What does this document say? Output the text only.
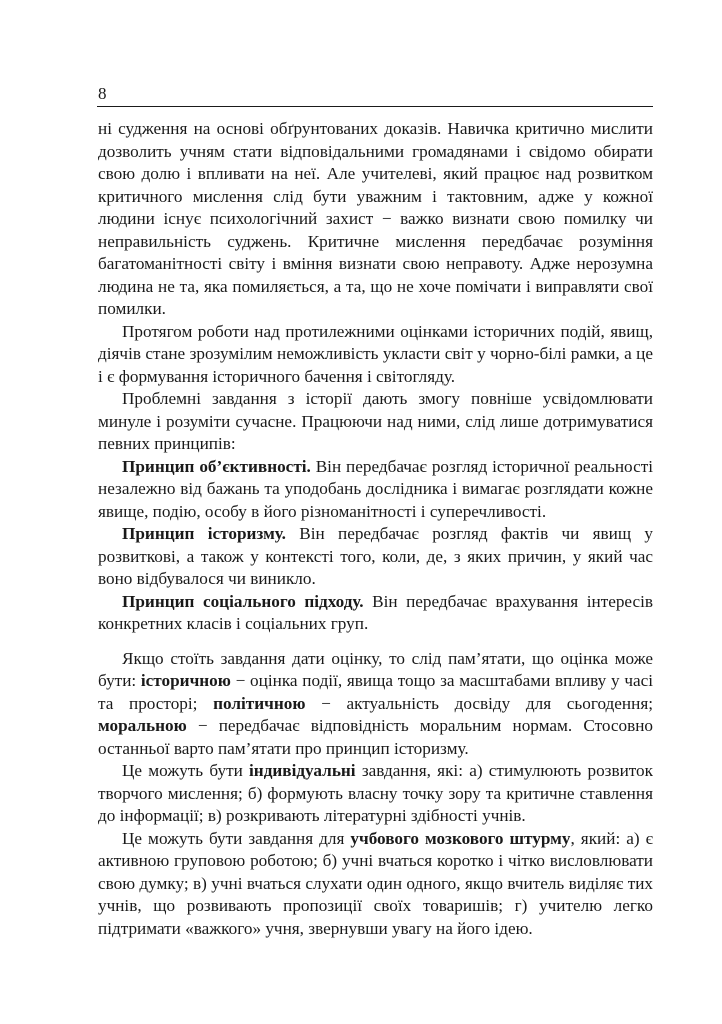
8

ні судження на основі обґрунтованих доказів. Навичка критично мислити дозволить учням стати відповідальними громадянами і свідомо обирати свою долю і впливати на неї. Але учителеві, який працює над розвитком критичного мислення слід бути уважним і тактовним, адже у кожної людини існує психологічний захист − важко визнати свою помилку чи неправильність суджень. Критичне мислення передбачає розуміння багатоманітності світу і вміння визнати свою неправоту. Адже нерозумна людина не та, яка помиляється, а та, що не хоче помічати і виправляти свої помилки.

Протягом роботи над протилежними оцінками історичних подій, явищ, діячів стане зрозумілим неможливість укласти світ у чорно-білі рамки, а це і є формування історичного бачення і світогляду.

Проблемні завдання з історії дають змогу повніше усвідомлювати минуле і розуміти сучасне. Працюючи над ними, слід лише дотримуватися певних принципів:

Принцип об’єктивності. Він передбачає розгляд історичної реальності незалежно від бажань та уподобань дослідника і вимагає розглядати кожне явище, подію, особу в його різноманітності і суперечливості.

Принцип історизму. Він передбачає розгляд фактів чи явищ у розвиткові, а також у контексті того, коли, де, з яких причин, у який час воно відбувалося чи виникло.

Принцип соціального підходу. Він передбачає врахування інтересів конкретних класів і соціальних груп.

Якщо стоїть завдання дати оцінку, то слід пам’ятати, що оцінка може бути: історичною − оцінка події, явища тощо за масштабами впливу у часі та просторі; політичною − актуальність досвіду для сьогодення; моральною − передбачає відповідність моральним нормам. Стосовно останньої варто пам’ятати про принцип історизму.

Це можуть бути індивідуальні завдання, які: а) стимулюють розвиток творчого мислення; б) формують власну точку зору та критичне ставлення до інформації; в) розкривають літературні здібності учнів.

Це можуть бути завдання для учбового мозкового штурму, який: а) є активною груповою роботою; б) учні вчаться коротко і чітко висловлювати свою думку; в) учні вчаться слухати один одного, якщо вчитель виділяє тих учнів, що розвивають пропозиції своїх товаришів; г) учителю легко підтримати «важкого» учня, звернувши увагу на його ідею.
